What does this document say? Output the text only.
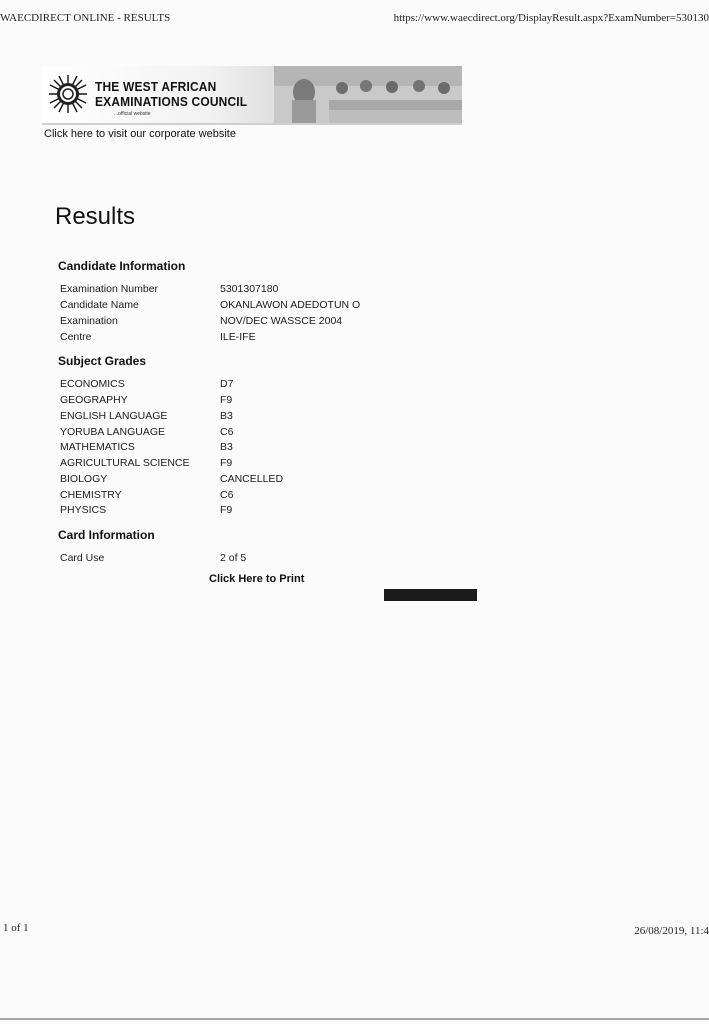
WAECDIRECT ONLINE - RESULTS	https://www.waecdirect.org/DisplayResult.aspx?ExamNumber=530130
THE WEST AFRICAN
EXAMINATIONS COUNCIL
...official website
Click here to visit our corporate website
Results
Candidate Information
Examination Number	5301307180
Candidate Name	OKANLAWON ADEDOTUN O
Examination	NOV/DEC WASSCE 2004
Centre	ILE-IFE
Subject Grades
ECONOMICS	D7
GEOGRAPHY	F9
ENGLISH LANGUAGE	B3
YORUBA LANGUAGE	C6
MATHEMATICS	B3
AGRICULTURAL SCIENCE	F9
BIOLOGY	CANCELLED
CHEMISTRY	C6
PHYSICS	F9
Card Information
Card Use	2 of 5
Click Here to Print
1 of 1	26/08/2019, 11:4
